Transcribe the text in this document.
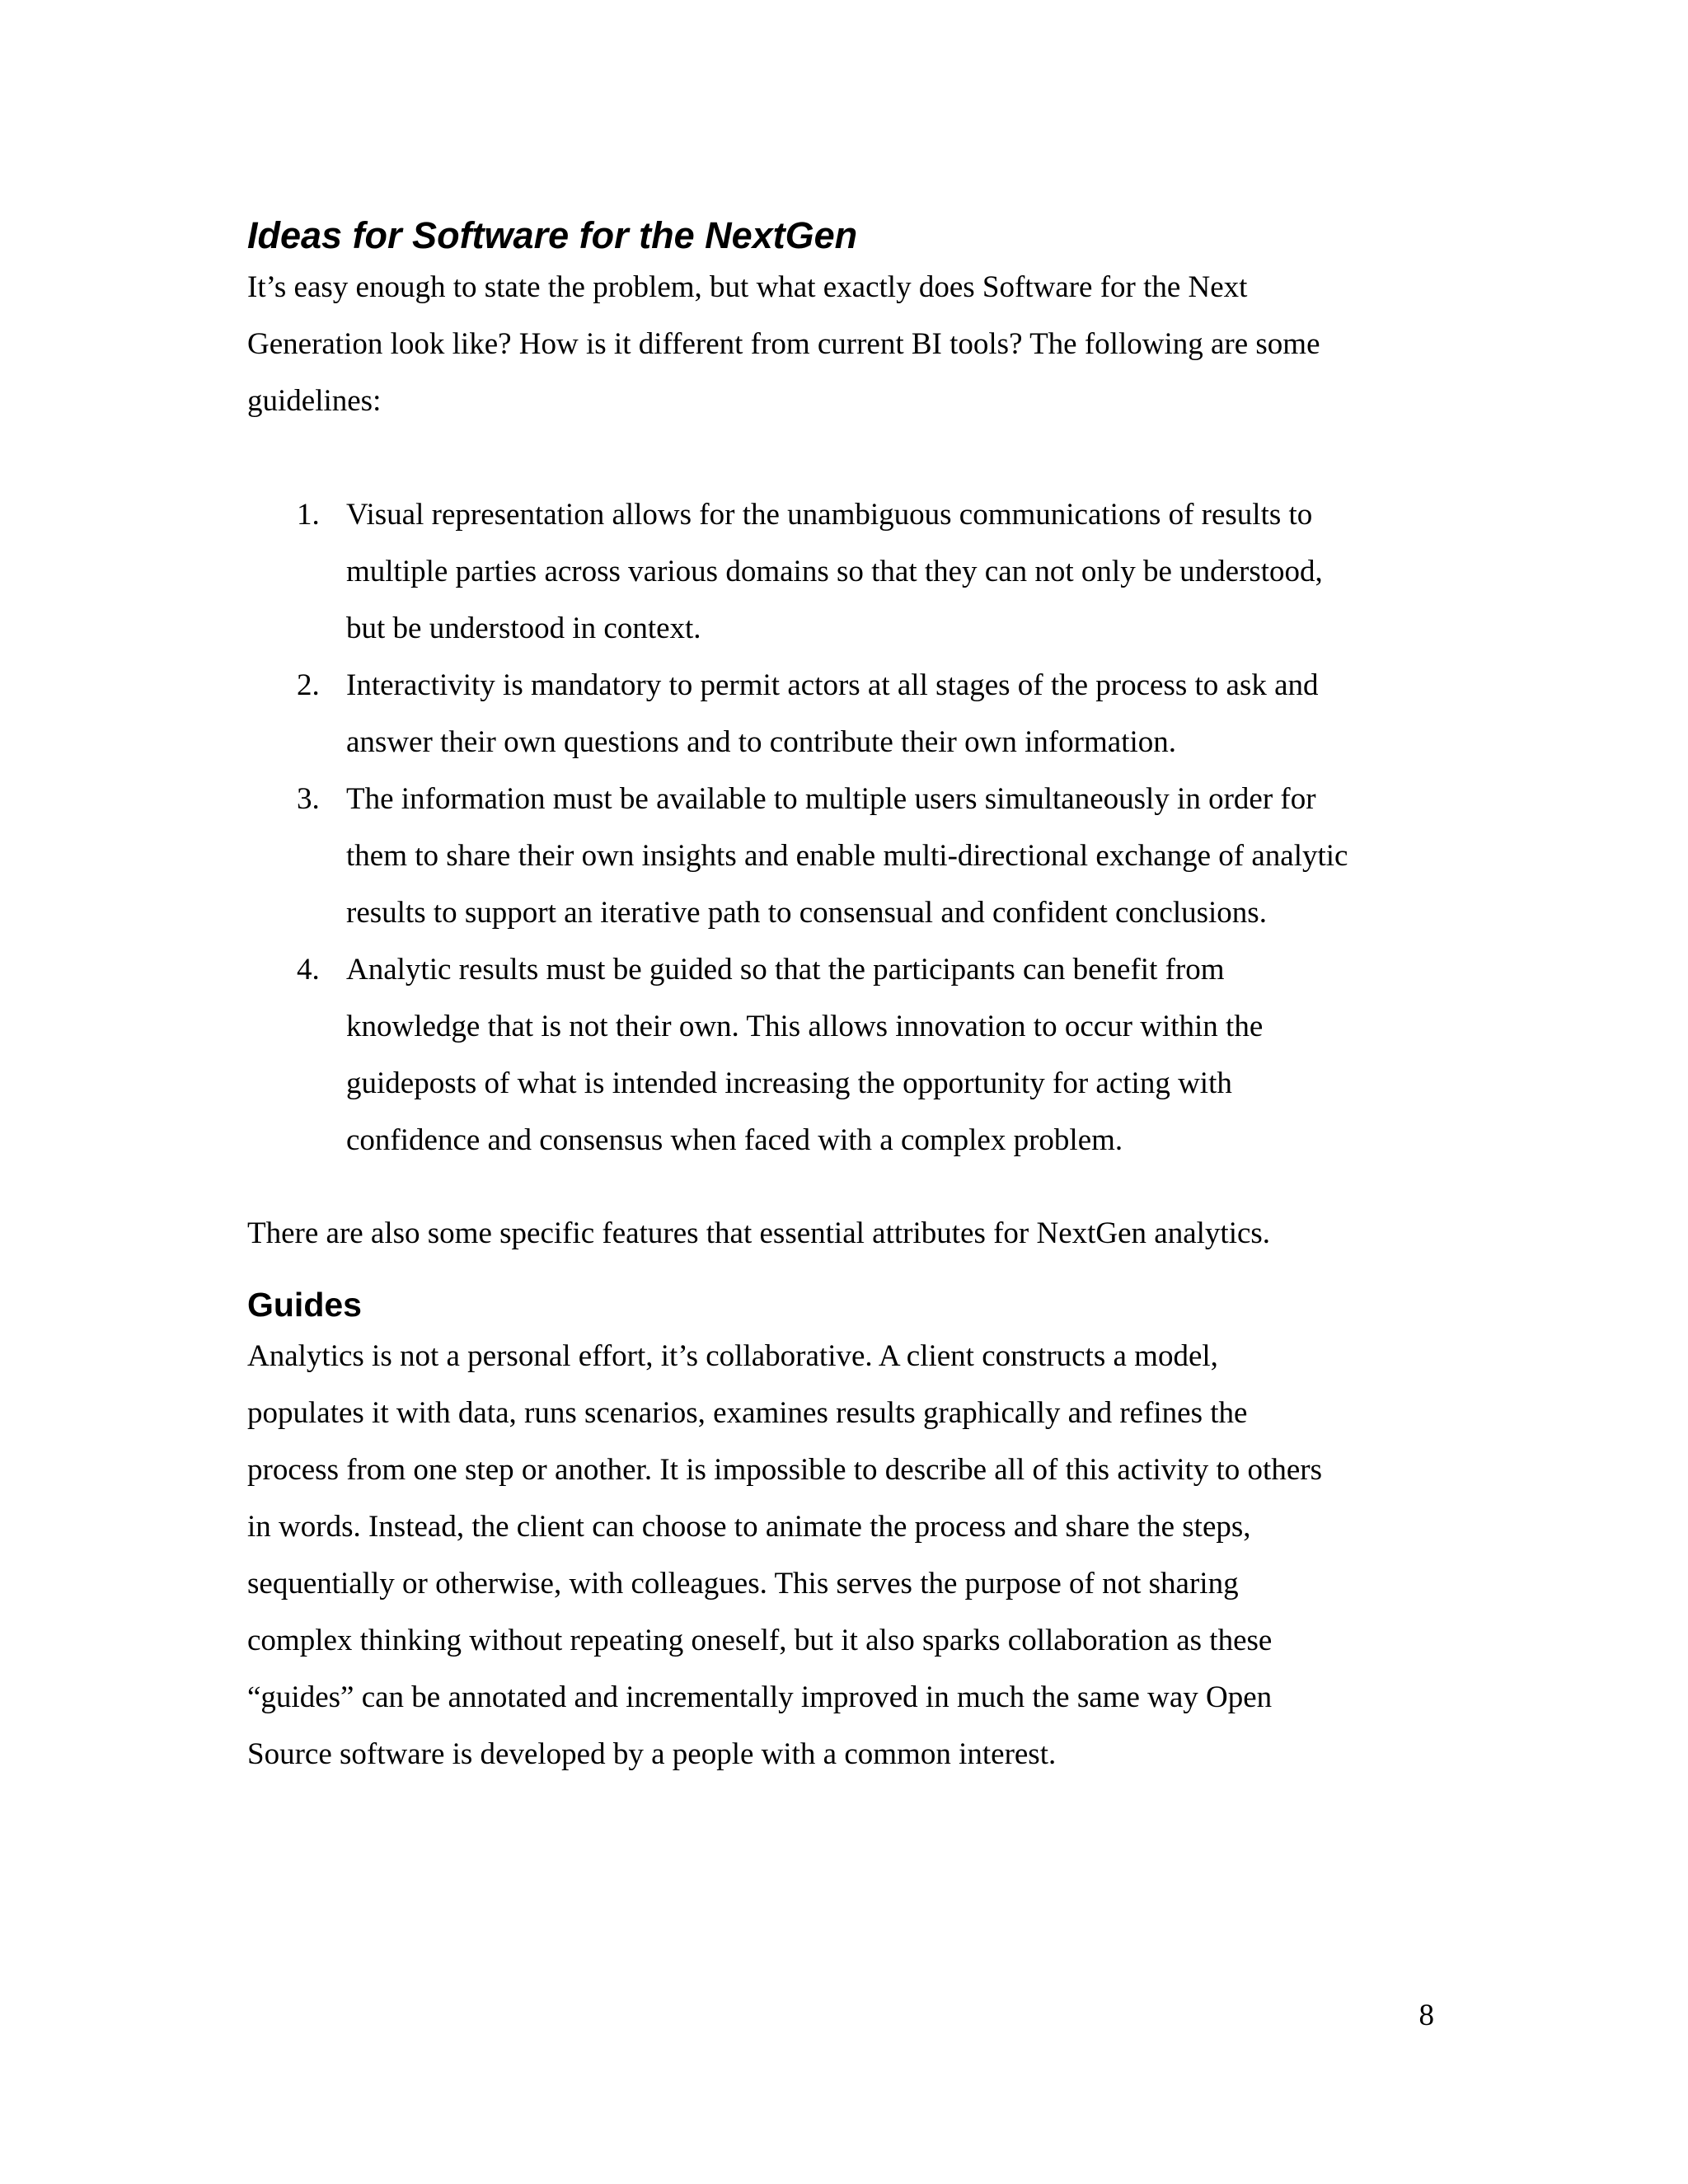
Ideas for Software for the NextGen

It’s easy enough to state the problem, but what exactly does Software for the Next
Generation look like? How is it different from current BI tools? The following are some
guidelines:

1. Visual representation allows for the unambiguous communications of results to
multiple parties across various domains so that they can not only be understood,
but be understood in context.
2. Interactivity is mandatory to permit actors at all stages of the process to ask and
answer their own questions and to contribute their own information.
3. The information must be available to multiple users simultaneously in order for
them to share their own insights and enable multi-directional exchange of analytic
results to support an iterative path to consensual and confident conclusions.
4. Analytic results must be guided so that the participants can benefit from
knowledge that is not their own. This allows innovation to occur within the
guideposts of what is intended increasing the opportunity for acting with
confidence and consensus when faced with a complex problem.

There are also some specific features that essential attributes for NextGen analytics.

Guides

Analytics is not a personal effort, it’s collaborative. A client constructs a model,
populates it with data, runs scenarios, examines results graphically and refines the
process from one step or another. It is impossible to describe all of this activity to others
in words. Instead, the client can choose to animate the process and share the steps,
sequentially or otherwise, with colleagues. This serves the purpose of not sharing
complex thinking without repeating oneself, but it also sparks collaboration as these
“guides” can be annotated and incrementally improved in much the same way Open
Source software is developed by a people with a common interest.

8
